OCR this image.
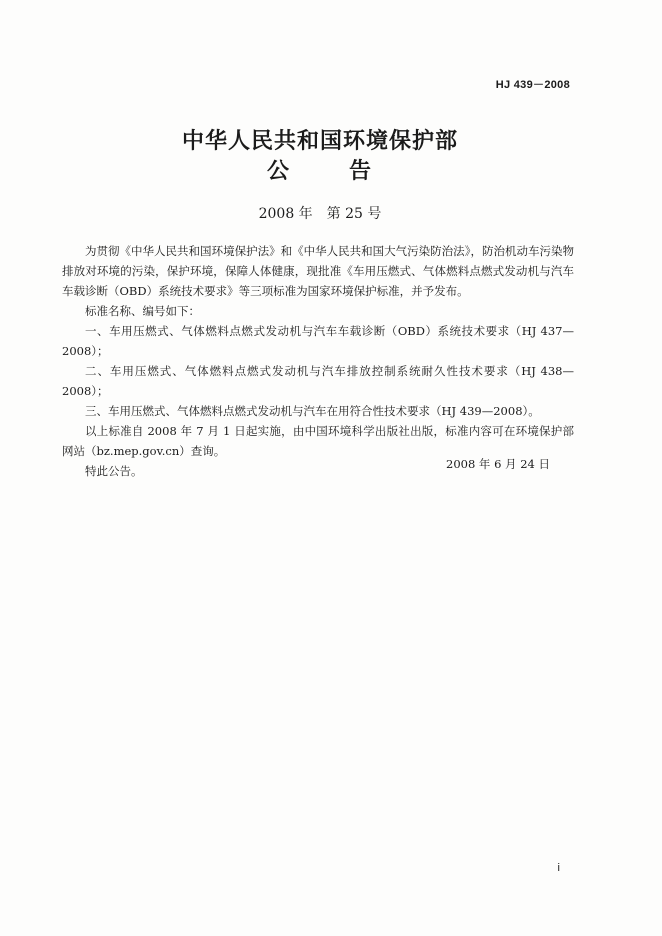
HJ 439－2008
中华人民共和国环境保护部
公	告
2008 年　第 25 号

为贯彻《中华人民共和国环境保护法》和《中华人民共和国大气污染防治法》，防治机动车污染物排放对环境的污染，保护环境，保障人体健康，现批准《车用压燃式、气体燃料点燃式发动机与汽车车载诊断（OBD）系统技术要求》等三项标准为国家环境保护标准，并予发布。

标准名称、编号如下：

一、车用压燃式、气体燃料点燃式发动机与汽车车载诊断（OBD）系统技术要求（HJ 437—2008）；

二、车用压燃式、气体燃料点燃式发动机与汽车排放控制系统耐久性技术要求（HJ 438—2008）；

三、车用压燃式、气体燃料点燃式发动机与汽车在用符合性技术要求（HJ 439—2008）。

以上标准自 2008 年 7 月 1 日起实施，由中国环境科学出版社出版，标准内容可在环境保护部网站（bz.mep.gov.cn）查询。

特此公告。	2008 年 6 月 24 日
i
